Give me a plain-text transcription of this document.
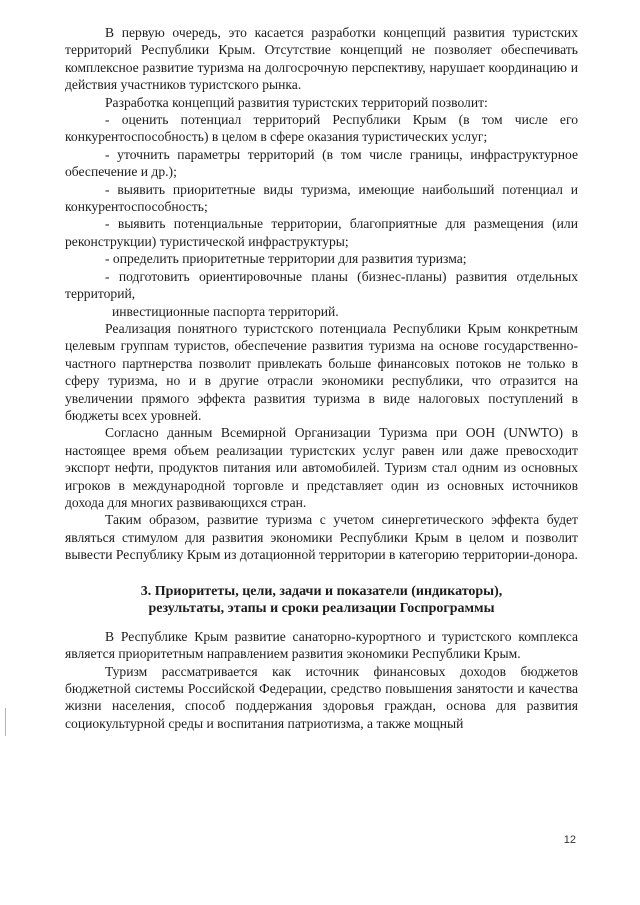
В первую очередь, это касается разработки концепций развития туристских территорий Республики Крым. Отсутствие концепций не позволяет обеспечивать комплексное развитие туризма на долгосрочную перспективу, нарушает координацию и действия участников туристского рынка.

Разработка концепций развития туристских территорий позволит:

- оценить потенциал территорий Республики Крым (в том числе его конкурентоспособность) в целом в сфере оказания туристических услуг;

- уточнить параметры территорий (в том числе границы, инфраструктурное обеспечение и др.);

- выявить приоритетные виды туризма, имеющие наибольший потенциал и конкурентоспособность;

- выявить потенциальные территории, благоприятные для размещения (или реконструкции) туристической инфраструктуры;

- определить приоритетные территории для развития туризма;

- подготовить ориентировочные планы (бизнес-планы) развития отдельных территорий,

инвестиционные паспорта территорий.

Реализация понятного туристского потенциала Республики Крым конкретным целевым группам туристов, обеспечение развития туризма на основе государственно-частного партнерства позволит привлекать больше финансовых потоков не только в сферу туризма, но и в другие отрасли экономики республики, что отразится на увеличении прямого эффекта развития туризма в виде налоговых поступлений в бюджеты всех уровней.

Согласно данным Всемирной Организации Туризма при ООН (UNWTO) в настоящее время объем реализации туристских услуг равен или даже превосходит экспорт нефти, продуктов питания или автомобилей. Туризм стал одним из основных игроков в международной торговле и представляет один из основных источников дохода для многих развивающихся стран.

Таким образом, развитие туризма с учетом синергетического эффекта будет являться стимулом для развития экономики Республики Крым в целом и позволит вывести Республику Крым из дотационной территории в категорию территории-донора.

3. Приоритеты, цели, задачи и показатели (индикаторы),

результаты, этапы и сроки реализации Госпрограммы

В Республике Крым развитие санаторно-курортного и туристского комплекса является приоритетным направлением развития экономики Республики Крым.

Туризм рассматривается как источник финансовых доходов бюджетов бюджетной системы Российской Федерации, средство повышения занятости и качества жизни населения, способ поддержания здоровья граждан, основа для развития социокультурной среды и воспитания патриотизма, а также мощный

12
